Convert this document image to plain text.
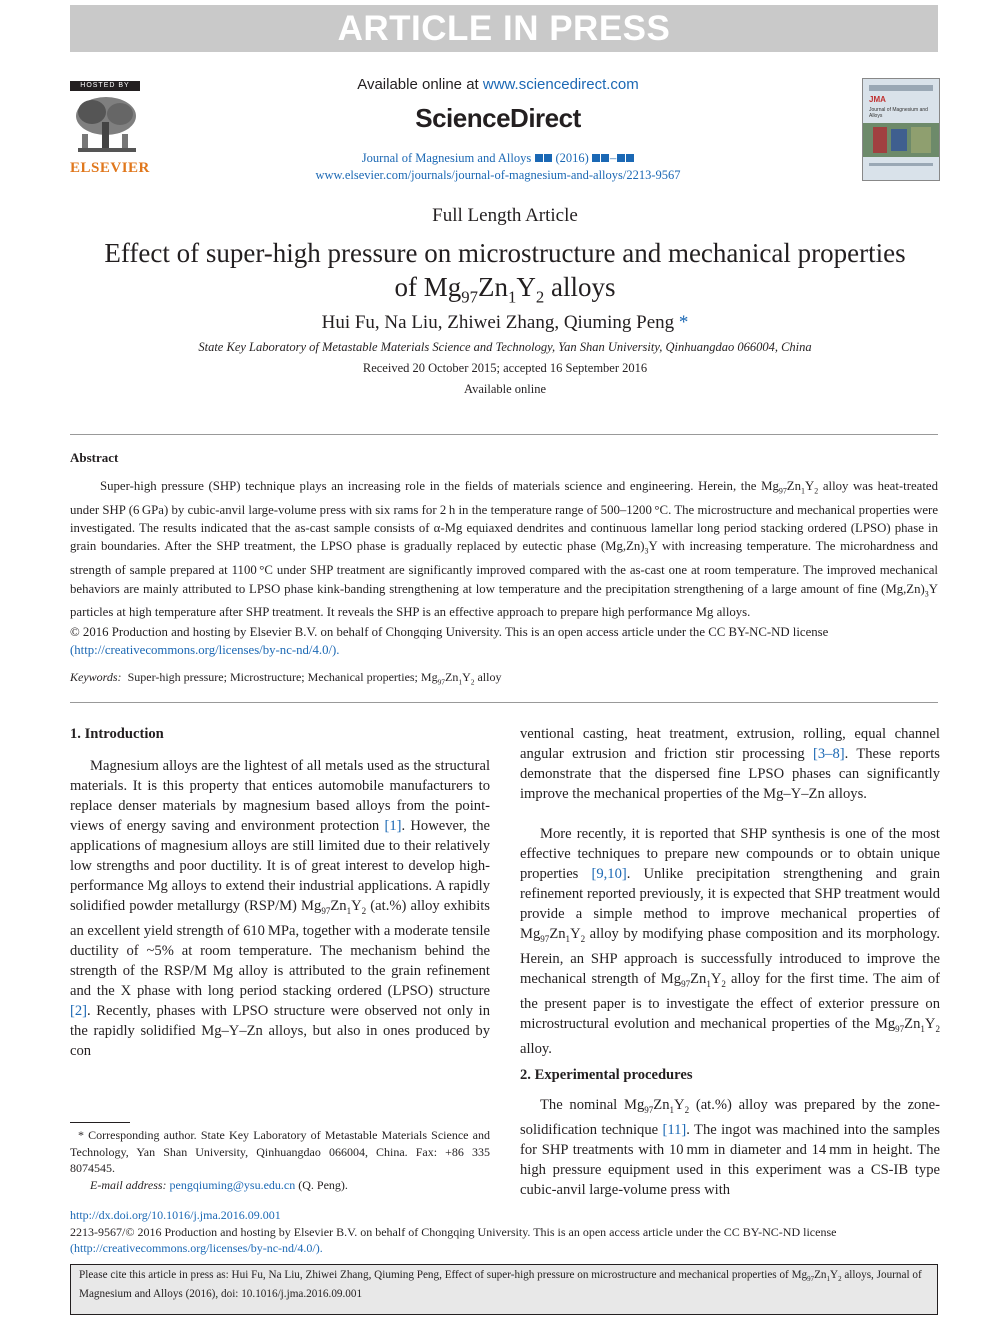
ARTICLE IN PRESS
HOSTED BY
ELSEVIER
Available online at www.sciencedirect.com
ScienceDirect
Journal of Magnesium and Alloys (2016) –
www.elsevier.com/journals/journal-of-magnesium-and-alloys/2213-9567
JMA
Journal of Magnesium and Alloys
Full Length Article
Effect of super-high pressure on microstructure and mechanical properties
of $Mg_{97}Zn_1Y_2$ alloys
Hui Fu, Na Liu, Zhiwei Zhang, Qiuming Peng *
State Key Laboratory of Metastable Materials Science and Technology, Yan Shan University, Qinhuangdao 066004, China
Received 20 October 2015; accepted 16 September 2016
Available online
Abstract
Super-high pressure (SHP) technique plays an increasing role in the fields of materials science and engineering. Herein, the $Mg_{97}Zn_1Y_2$ alloy was heat-treated under SHP (6 GPa) by cubic-anvil large-volume press with six rams for 2 h in the temperature range of 500–1200 °C. The microstructure and mechanical properties were investigated. The results indicated that the as-cast sample consists of α-Mg equiaxed dendrites and continuous lamellar long period stacking ordered (LPSO) phase in grain boundaries. After the SHP treatment, the LPSO phase is gradually replaced by eutectic phase $(Mg,Zn)_3Y$ with increasing temperature. The microhardness and strength of sample prepared at 1100 °C under SHP treatment are significantly improved compared with the as-cast one at room temperature. The improved mechanical behaviors are mainly attributed to LPSO phase kink-banding strengthening at low temperature and the precipitation strengthening of a large amount of fine $(Mg,Zn)_3Y$ particles at high temperature after SHP treatment. It reveals the SHP is an effective approach to prepare high performance Mg alloys.
© 2016 Production and hosting by Elsevier B.V. on behalf of Chongqing University. This is an open access article under the CC BY-NC-ND license
(http://creativecommons.org/licenses/by-nc-nd/4.0/).
Keywords: Super-high pressure; Microstructure; Mechanical properties; $Mg_{97}Zn_1Y_2$ alloy
1. Introduction
Magnesium alloys are the lightest of all metals used as the structural materials. It is this property that entices automobile manufacturers to replace denser materials by magnesium based alloys from the point-views of energy saving and environment protection [1]. However, the applications of magnesium alloys are still limited due to their relatively low strengths and poor ductility. It is of great interest to develop high-performance Mg alloys to extend their industrial applications. A rapidly solidified powder metallurgy (RSP/M) $Mg_{97}Zn_1Y_2$ (at.%) alloy exhibits an excellent yield strength of 610 MPa, together with a moderate tensile ductility of ~5% at room temperature. The mechanism behind the strength of the RSP/M Mg alloy is attributed to the grain refinement and the X phase with long period stacking ordered (LPSO) structure [2]. Recently, phases with LPSO structure were observed not only in the rapidly solidified Mg–Y–Zn alloys, but also in ones produced by con
* Corresponding author. State Key Laboratory of Metastable Materials Science and Technology, Yan Shan University, Qinhuangdao 066004, China. Fax: +86 335 8074545.
E-mail address: pengqiuming@ysu.edu.cn (Q. Peng).
ventional casting, heat treatment, extrusion, rolling, equal channel angular extrusion and friction stir processing [3–8]. These reports demonstrate that the dispersed fine LPSO phases can significantly improve the mechanical properties of the Mg–Y–Zn alloys.
More recently, it is reported that SHP synthesis is one of the most effective techniques to prepare new compounds or to obtain unique properties [9,10]. Unlike precipitation strengthening and grain refinement reported previously, it is expected that SHP treatment would provide a simple method to improve mechanical properties of $Mg_{97}Zn_1Y_2$ alloy by modifying phase composition and its morphology. Herein, an SHP approach is successfully introduced to improve the mechanical strength of $Mg_{97}Zn_1Y_2$ alloy for the first time. The aim of the present paper is to investigate the effect of exterior pressure on microstructural evolution and mechanical properties of the $Mg_{97}Zn_1Y_2$ alloy.
2. Experimental procedures
The nominal $Mg_{97}Zn_1Y_2$ (at.%) alloy was prepared by the zone-solidification technique [11]. The ingot was machined into the samples for SHP treatments with 10 mm in diameter and 14 mm in height. The high pressure equipment used in this experiment was a CS-IB type cubic-anvil large-volume press with
http://dx.doi.org/10.1016/j.jma.2016.09.001
2213-9567/© 2016 Production and hosting by Elsevier B.V. on behalf of Chongqing University. This is an open access article under the CC BY-NC-ND license
(http://creativecommons.org/licenses/by-nc-nd/4.0/).
Please cite this article in press as: Hui Fu, Na Liu, Zhiwei Zhang, Qiuming Peng, Effect of super-high pressure on microstructure and mechanical properties of $Mg_{97}Zn_1Y_2$ alloys, Journal of Magnesium and Alloys (2016), doi: 10.1016/j.jma.2016.09.001
